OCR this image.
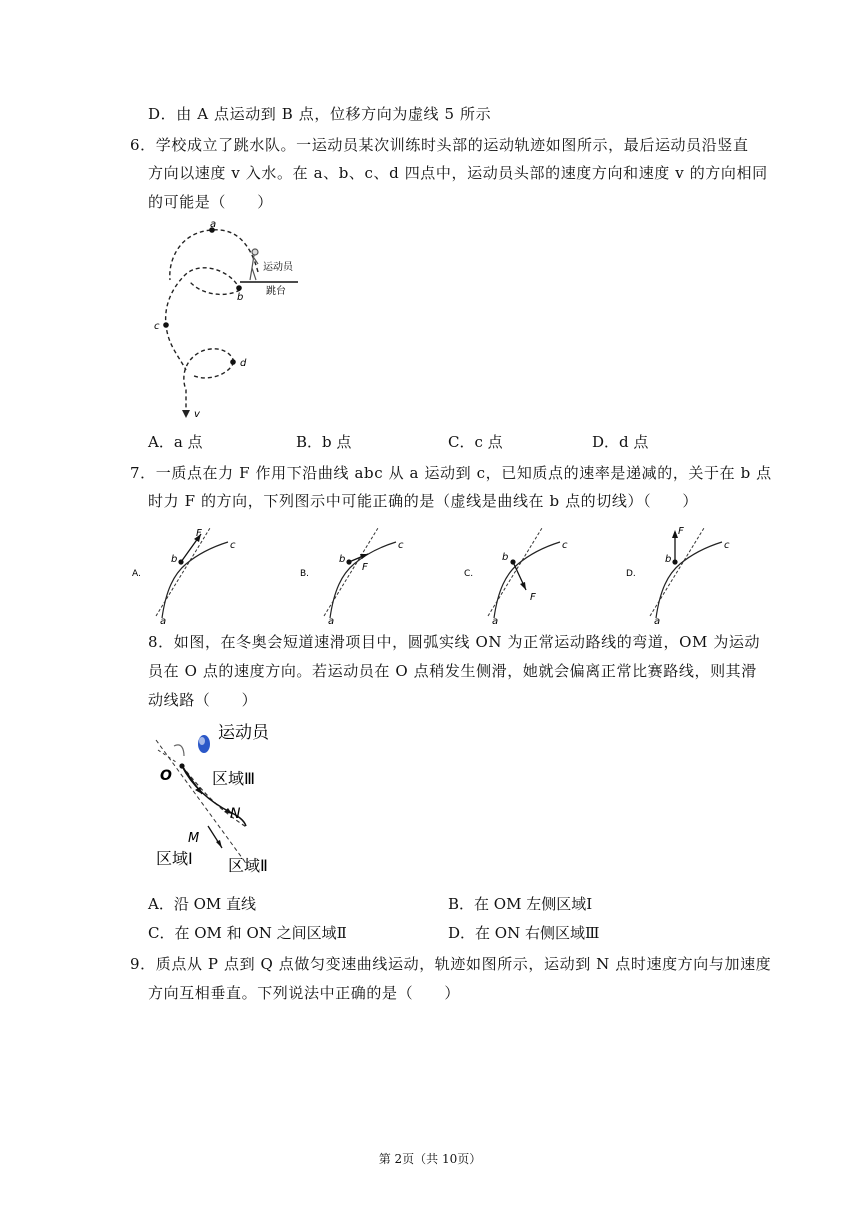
D．由 A 点运动到 B 点，位移方向为虚线 5 所示
6．学校成立了跳水队。一运动员某次训练时头部的运动轨迹如图所示，最后运动员沿竖直
方向以速度 v 入水。在 a、b、c、d 四点中，运动员头部的速度方向和速度 v 的方向相同
的可能是（　　）
a
b
c
d
v
运动员
跳台
A．a 点	B．b 点	C．c 点	D．d 点
7．一质点在力 F 作用下沿曲线 abc 从 a 运动到 c，已知质点的速率是递减的，关于在 b 点
时力 F 的方向，下列图示中可能正确的是（虚线是曲线在 b 点的切线）（　　）
A.
F
b
c
a
B.
b
F
c
a
C.
b
c
F
a
D.
F
b
c
a
8．如图，在冬奥会短道速滑项目中，圆弧实线 ON 为正常运动路线的弯道，OM 为运动
员在 O 点的速度方向。若运动员在 O 点稍发生侧滑，她就会偏离正常比赛路线，则其滑
动线路（　　）
运动员
O	区域Ⅲ
N
M
区域Ⅰ 区域Ⅱ
A．沿 OM 直线	B．在 OM 左侧区域Ⅰ
C．在 OM 和 ON 之间区域Ⅱ	D．在 ON 右侧区域Ⅲ
9．质点从 P 点到 Q 点做匀变速曲线运动，轨迹如图所示，运动到 N 点时速度方向与加速度
方向互相垂直。下列说法中正确的是（　　）
第 2页（共 10页）
